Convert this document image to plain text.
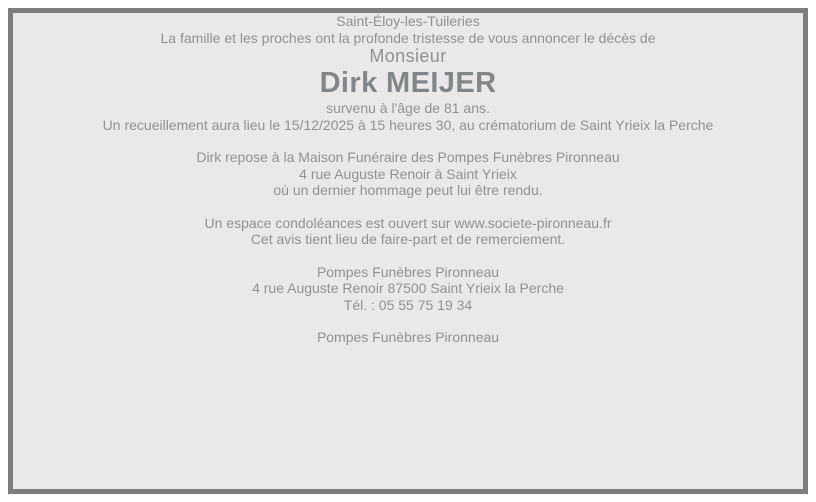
Saint-Éloy-les-Tuileries

La famille et les proches ont la profonde tristesse de vous annoncer le décès de

Monsieur

Dirk MEIJER

survenu à l'âge de 81 ans.

Un recueillement aura lieu le 15/12/2025 à 15 heures 30, au crématorium de Saint Yrieix la Perche

Dirk repose à la Maison Funéraire des Pompes Funèbres Pironneau

4 rue Auguste Renoir à Saint Yrieix

où un dernier hommage peut lui être rendu.

Un espace condoléances est ouvert sur www.societe-pironneau.fr

Cet avis tient lieu de faire-part et de remerciement.

Pompes Funèbres Pironneau

4 rue Auguste Renoir 87500 Saint Yrieix la Perche

Tél. : 05 55 75 19 34

Pompes Funèbres Pironneau
